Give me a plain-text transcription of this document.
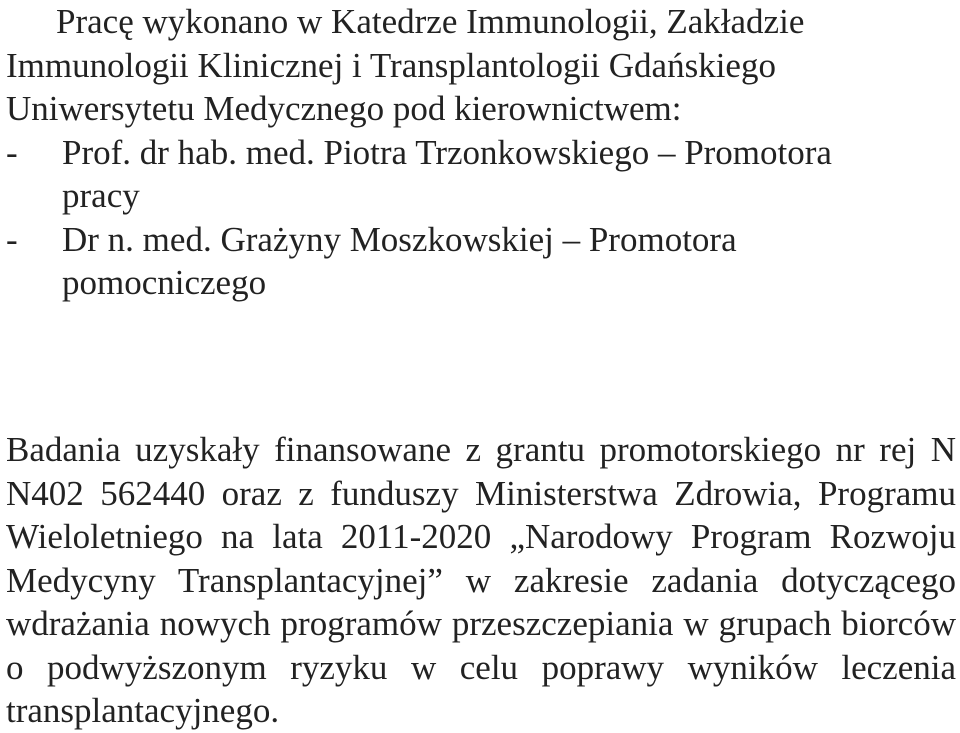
Pracę wykonano w Katedrze Immunologii, Zakładzie
Immunologii Klinicznej i Transplantologii Gdańskiego
Uniwersytetu Medycznego pod kierownictwem:
- Prof. dr hab. med. Piotra Trzonkowskiego – Promotora pracy
- Dr n. med. Grażyny Moszkowskiej – Promotora pomocniczego

Badania uzyskały finansowane z grantu promotorskiego nr rej N N402 562440 oraz z funduszy Ministerstwa Zdrowia, Programu Wieloletniego na lata 2011-2020 „Narodowy Program Rozwoju Medycyny Transplantacyjnej” w zakresie zadania dotyczącego wdrażania nowych programów przeszczepiania w grupach biorców o podwyższonym ryzyku w celu poprawy wyników leczenia transplantacyjnego.
